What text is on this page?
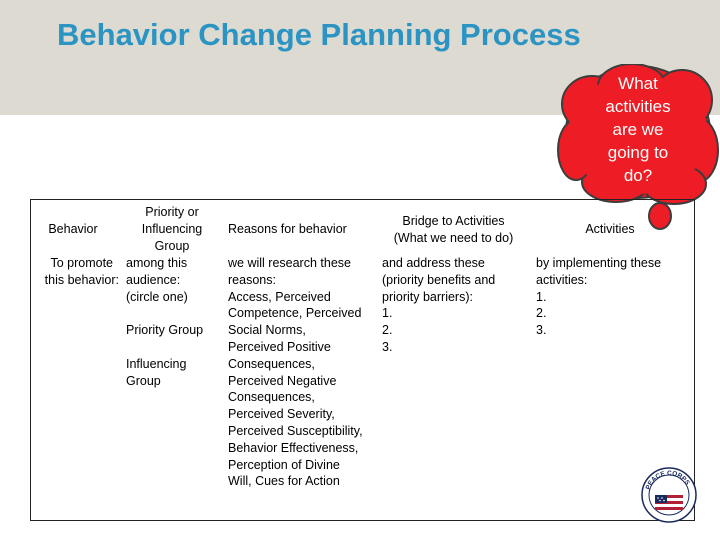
Behavior Change Planning Process
What
activities
are we
going to
do?
Behavior
Priority or
Influencing
Group
Reasons for behavior
Bridge to Activities
(What we need to do)
Activities
To promote
this behavior:
among this
audience:
(circle one)

Priority Group

Influencing
Group
we will research these
reasons:
Access, Perceived
Competence, Perceived
Social Norms,
Perceived Positive
Consequences,
Perceived Negative
Consequences,
Perceived Severity,
Perceived Susceptibility,
Behavior Effectiveness,
Perception of Divine
Will, Cues for Action
and address these
(priority benefits and
priority barriers):
1.
2.
3.
by implementing these
activities:
1.
2.
3.
PEACE CORPS
